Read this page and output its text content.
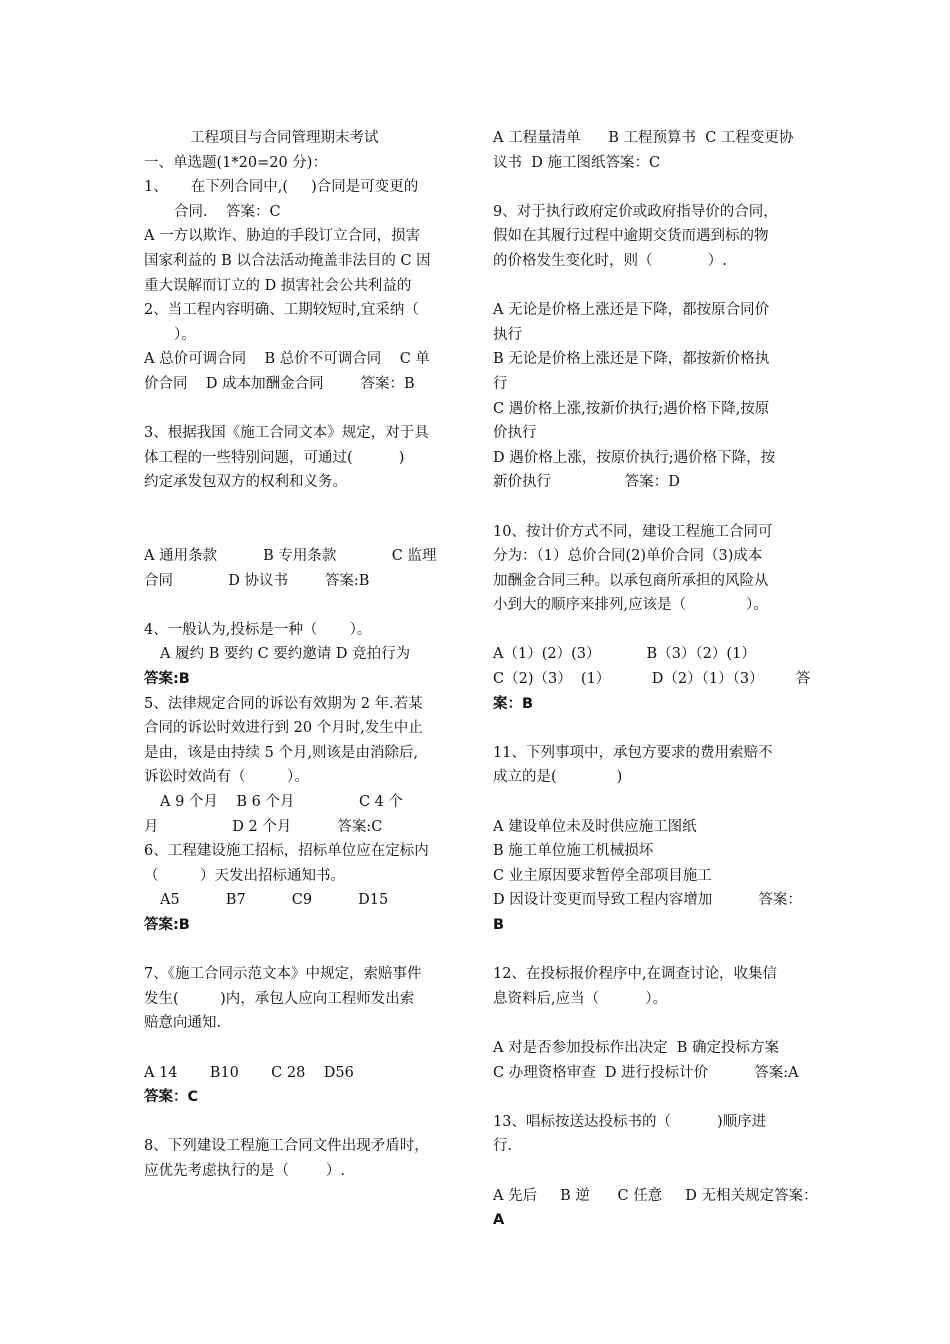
工程项目与合同管理期末考试
一、单选题(1*20=20 分)：
1、     在下列合同中,(     )合同是可变更的
合同.    答案：C
A 一方以欺诈、胁迫的手段订立合同，损害
国家利益的 B 以合法活动掩盖非法目的 C 因
重大误解而订立的 D 损害社会公共利益的
2、当工程内容明确、工期较短时,宜采纳（
）。
A 总价可调合同    B 总价不可调合同    C 单
价合同    D 成本加酬金合同        答案：B
3、根据我国《施工合同文本》规定，对于具
体工程的一些特别问题，可通过(          )
约定承发包双方的权利和义务。
A 通用条款          B 专用条款            C 监理
合同            D 协议书        答案:B
4、一般认为,投标是一种（       ）。
A 履约 B 要约 C 要约邀请 D 竞拍行为
答案:B
5、法律规定合同的诉讼有效期为 2 年.若某
合同的诉讼时效进行到 20 个月时,发生中止
是由，该是由持续 5 个月,则该是由消除后,
诉讼时效尚有（         ）。
A 9 个月    B 6 个月              C 4 个
月                D 2 个月          答案:C
6、工程建设施工招标，招标单位应在定标内
（         ）天发出招标通知书。
A5          B7          C9          D15
答案:B
7、《施工合同示范文本》中规定，索赔事件
发生(         )内，承包人应向工程师发出索
赔意向通知.
A 14       B10       C 28    D56
答案：C
8、下列建设工程施工合同文件出现矛盾时，
应优先考虑执行的是（        ）.
A 工程量清单      B 工程预算书  C 工程变更协
议书  D 施工图纸答案：C
9、对于执行政府定价或政府指导价的合同，
假如在其履行过程中逾期交货而遇到标的物
的价格发生变化时，则（            ）.
A 无论是价格上涨还是下降，都按原合同价
执行
B 无论是价格上涨还是下降，都按新价格执
行
C 遇价格上涨,按新价执行;遇价格下降,按原
价执行
D 遇价格上涨，按原价执行;遇价格下降，按
新价执行                答案：D
10、按计价方式不同，建设工程施工合同可
分为：（1）总价合同(2)单价合同（3)成本
加酬金合同三种。以承包商所承担的风险从
小到大的顺序来排列,应该是（             ）。
A（1）(2）(3）          B（3）（2）(1）
C（2)（3）  (1）         D（2）（1）（3）       答
案：B
11、下列事项中，承包方要求的费用索赔不
成立的是(             )
A 建设单位未及时供应施工图纸
B 施工单位施工机械损坏
C 业主原因要求暂停全部项目施工
D 因设计变更而导致工程内容增加          答案：
B
12、在投标报价程序中,在调查讨论，收集信
息资料后,应当（          ）。
A 对是否参加投标作出决定  B 确定投标方案
C 办理资格审查  D 进行投标计价          答案:A
13、唱标按送达投标书的（          )顺序进
行.
A 先后     B 逆      C 任意     D 无相关规定答案：
A
